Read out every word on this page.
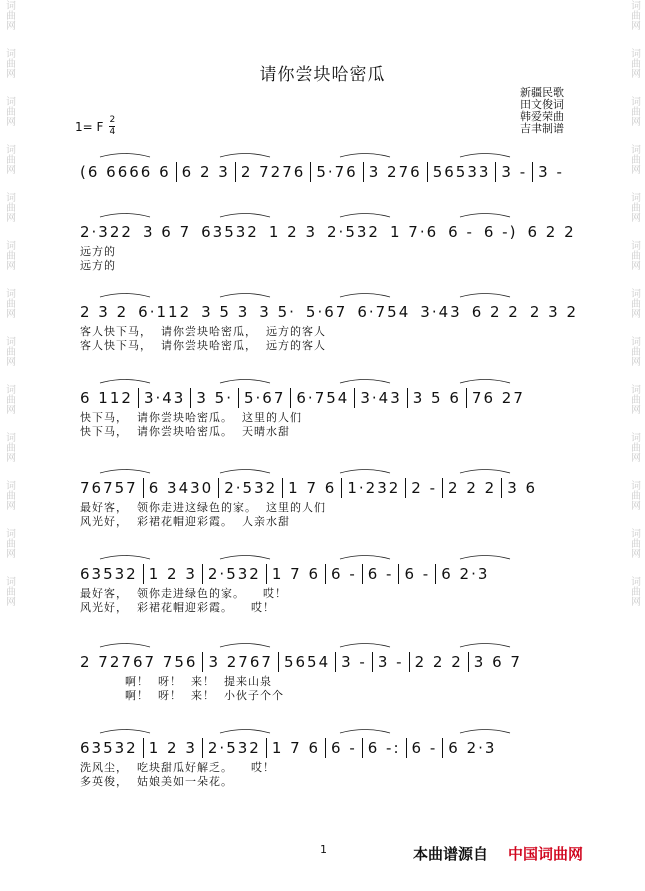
词曲网
词曲网
词曲网
词曲网
词曲网
词曲网
词曲网
词曲网
词曲网
词曲网
词曲网
词曲网
词曲网
词曲网
词曲网
词曲网
词曲网
词曲网
词曲网
词曲网
词曲网
词曲网
词曲网
词曲网
词曲网
词曲网
请你尝块哈密瓜
新疆民歌
田文俊词
韩爱荣曲
吉聿制谱
1= F 2
4
(6 6666 6 6 2 3 2 7276 5·76 3 276 56533 3 - 3 -
2·322 3 6 7 63532 1 2 3 2·532 1 7·6 6 - 6 -) 6 2 2
远方的
远方的
2 3 2 6·112 3 5 3 3 5· 5·67 6·754 3·43 6 2 2 2 3 2
客人快下马，  请你尝块哈密瓜，  远方的客人
客人快下马，  请你尝块哈密瓜，  远方的客人
6 112 3·43 3 5· 5·67 6·754 3·43 3 5 6 76 27
快下马，  请你尝块哈密瓜。  这里的人们
快下马，  请你尝块哈密瓜。  天晴水甜
76757 6 3430 2·532 1 7 6 1·232 2 - 2 2 2 3 6
最好客，  领你走进这绿色的家。  这里的人们
风光好，  彩裙花帽迎彩霞。  人亲水甜
63532 1 2 3 2·532 1 7 6 6 - 6 - 6 - 6 2·3
最好客，  领你走进绿色的家。    哎！
风光好，  彩裙花帽迎彩霞。    哎！
2 72767 756 3 2767 5654 3 - 3 - 2 2 2 3 6 7
啊！  呀！  来！  提来山泉
啊！  呀！  来！  小伙子个个
63532 1 2 3 2·532 1 7 6 6 - 6 -: 6 - 6 2·3
洗风尘，  吃块甜瓜好解乏。    哎！
多英俊，  姑娘美如一朵花。
1	本曲谱源自 中国词曲网
